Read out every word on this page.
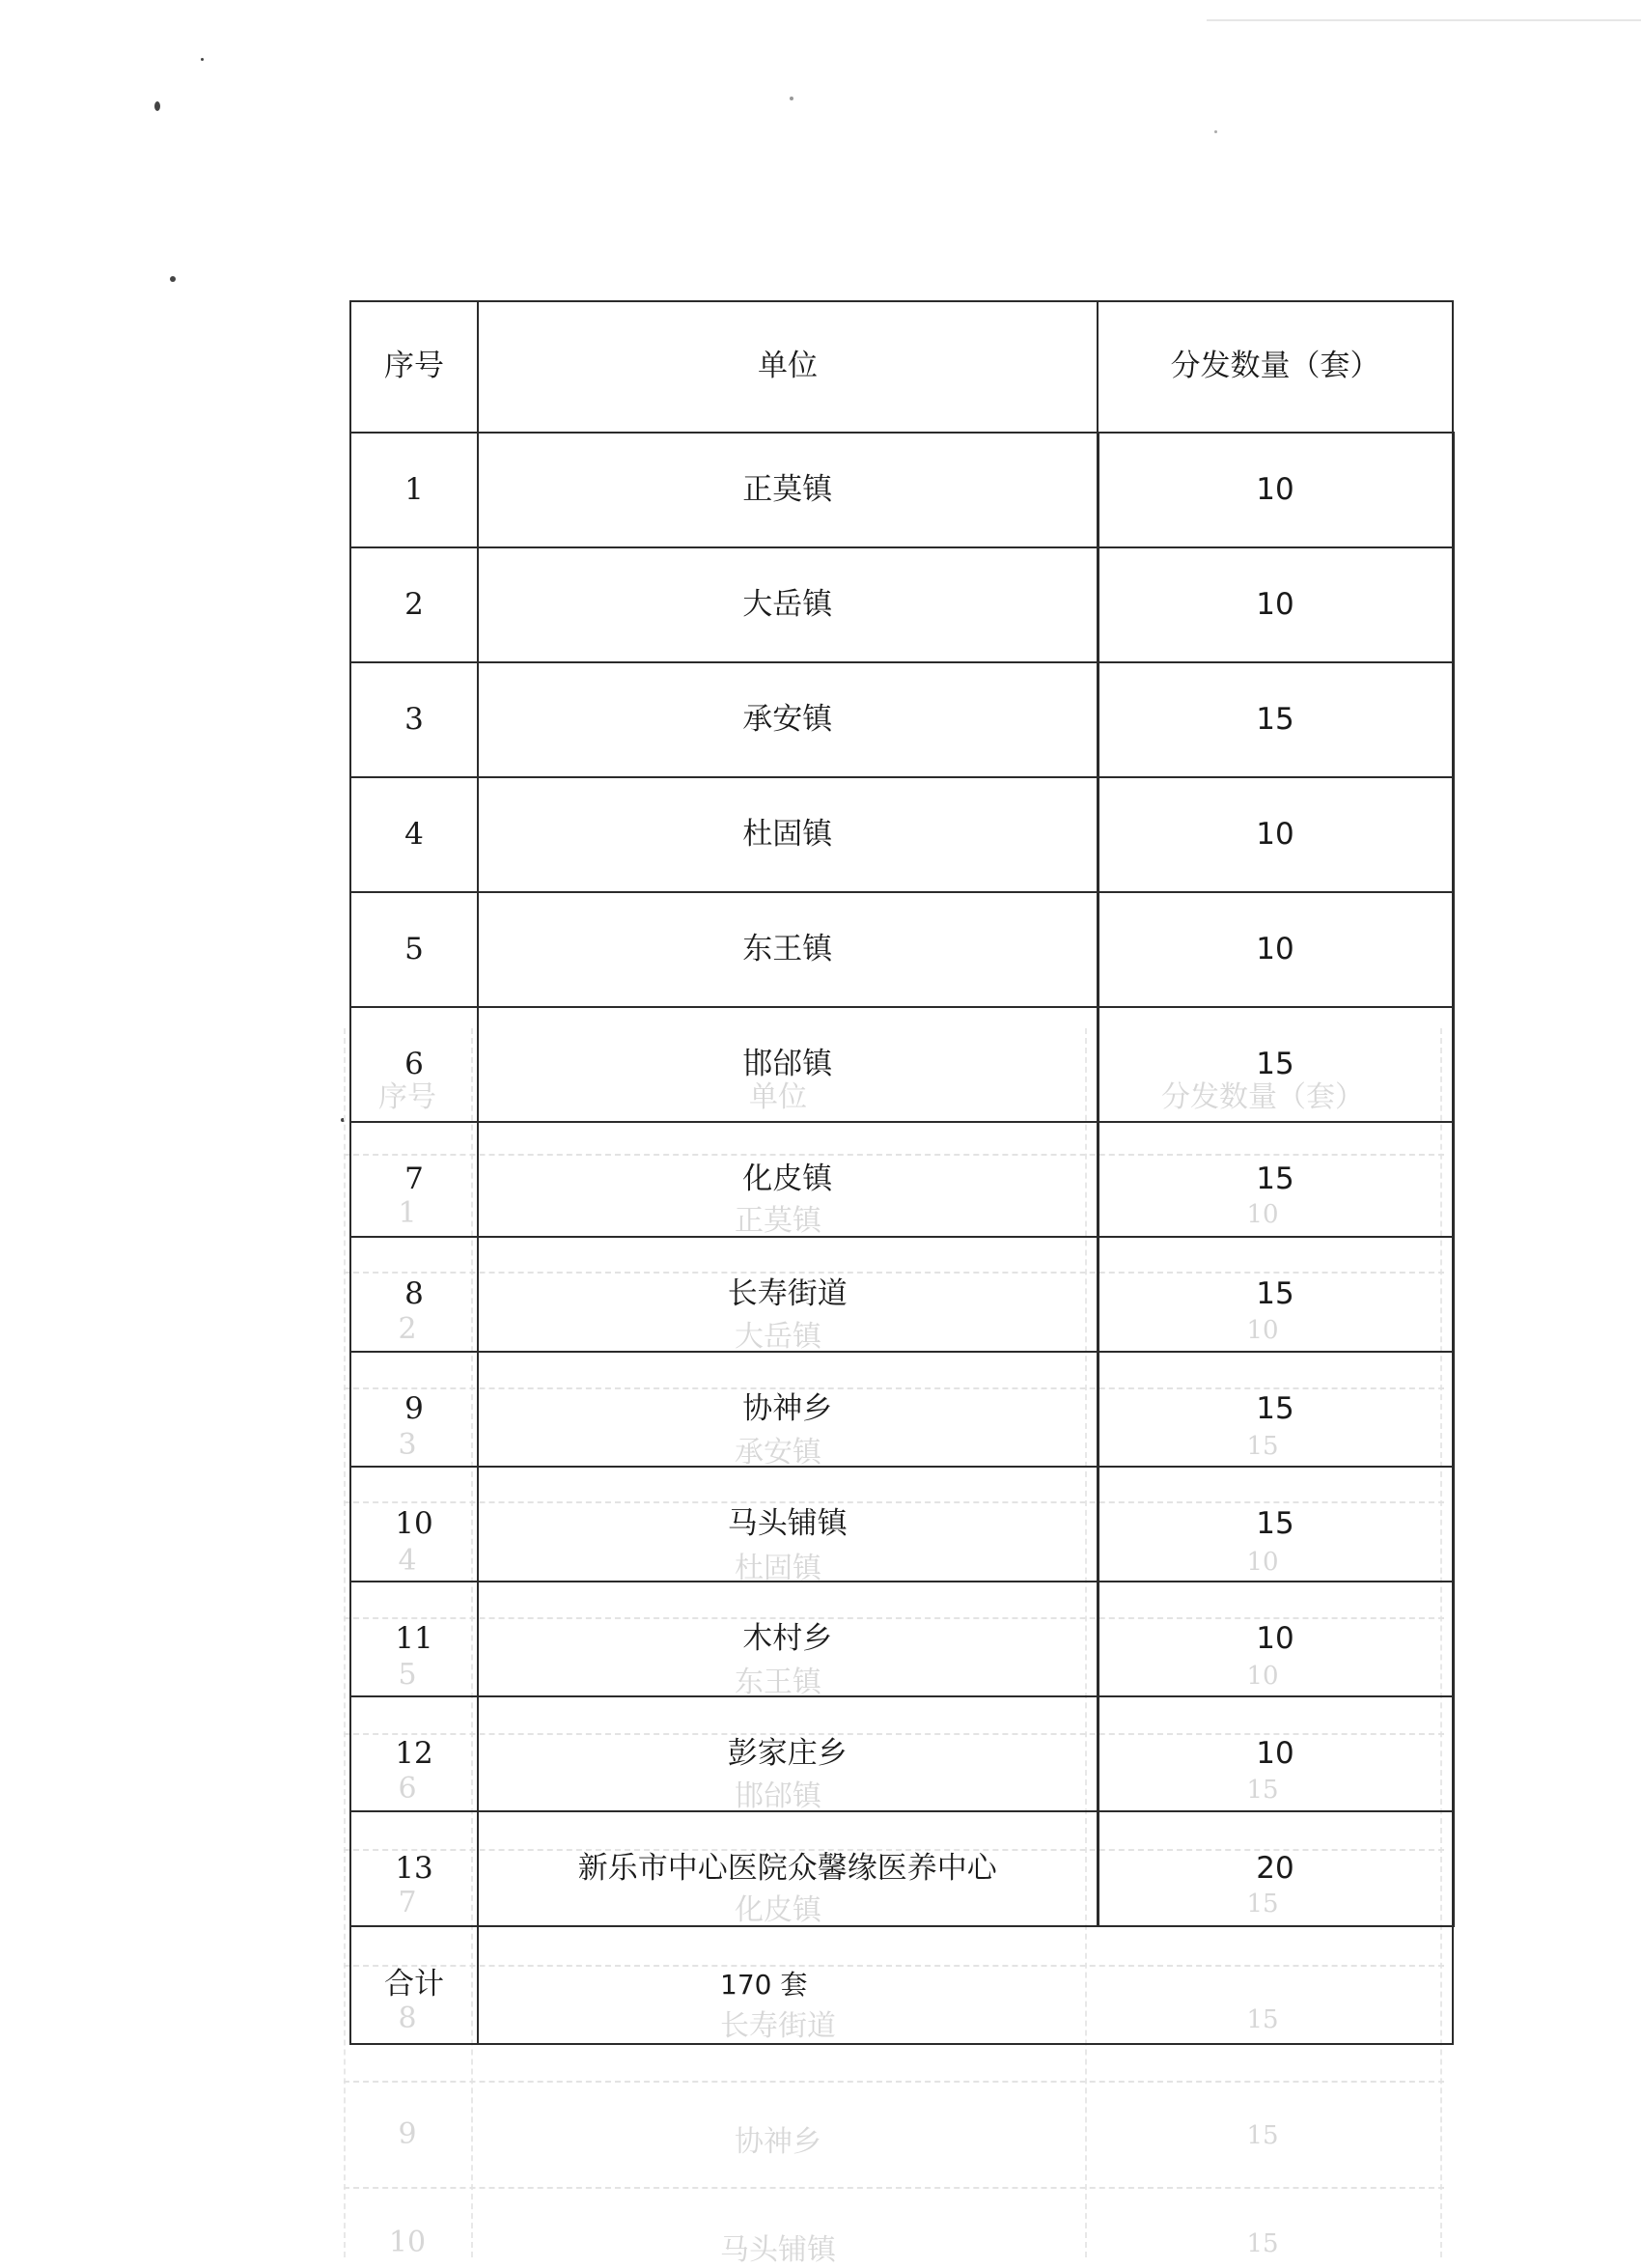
序号	单位	分发数量（套）
1	正莫镇	10
2	大岳镇	10
3	承安镇	15
4	杜固镇	10
5	东王镇	10
6	邯邰镇	15
7	化皮镇	15
8	长寿街道	15
9	协神乡	15
10	马头铺镇	15
序号	单位	分发数量（套）
1	正莫镇	10
2	大岳镇	10
3	承安镇	15
4	杜固镇	10
5	东王镇	10
6	邯邰镇	15
7	化皮镇	15
8	长寿街道	15
9	协神乡	15
10	马头铺镇	15
11	木村乡	10
12	彭家庄乡	10
13	新乐市中心医院众馨缘医养中心	20
合计	170 套	
